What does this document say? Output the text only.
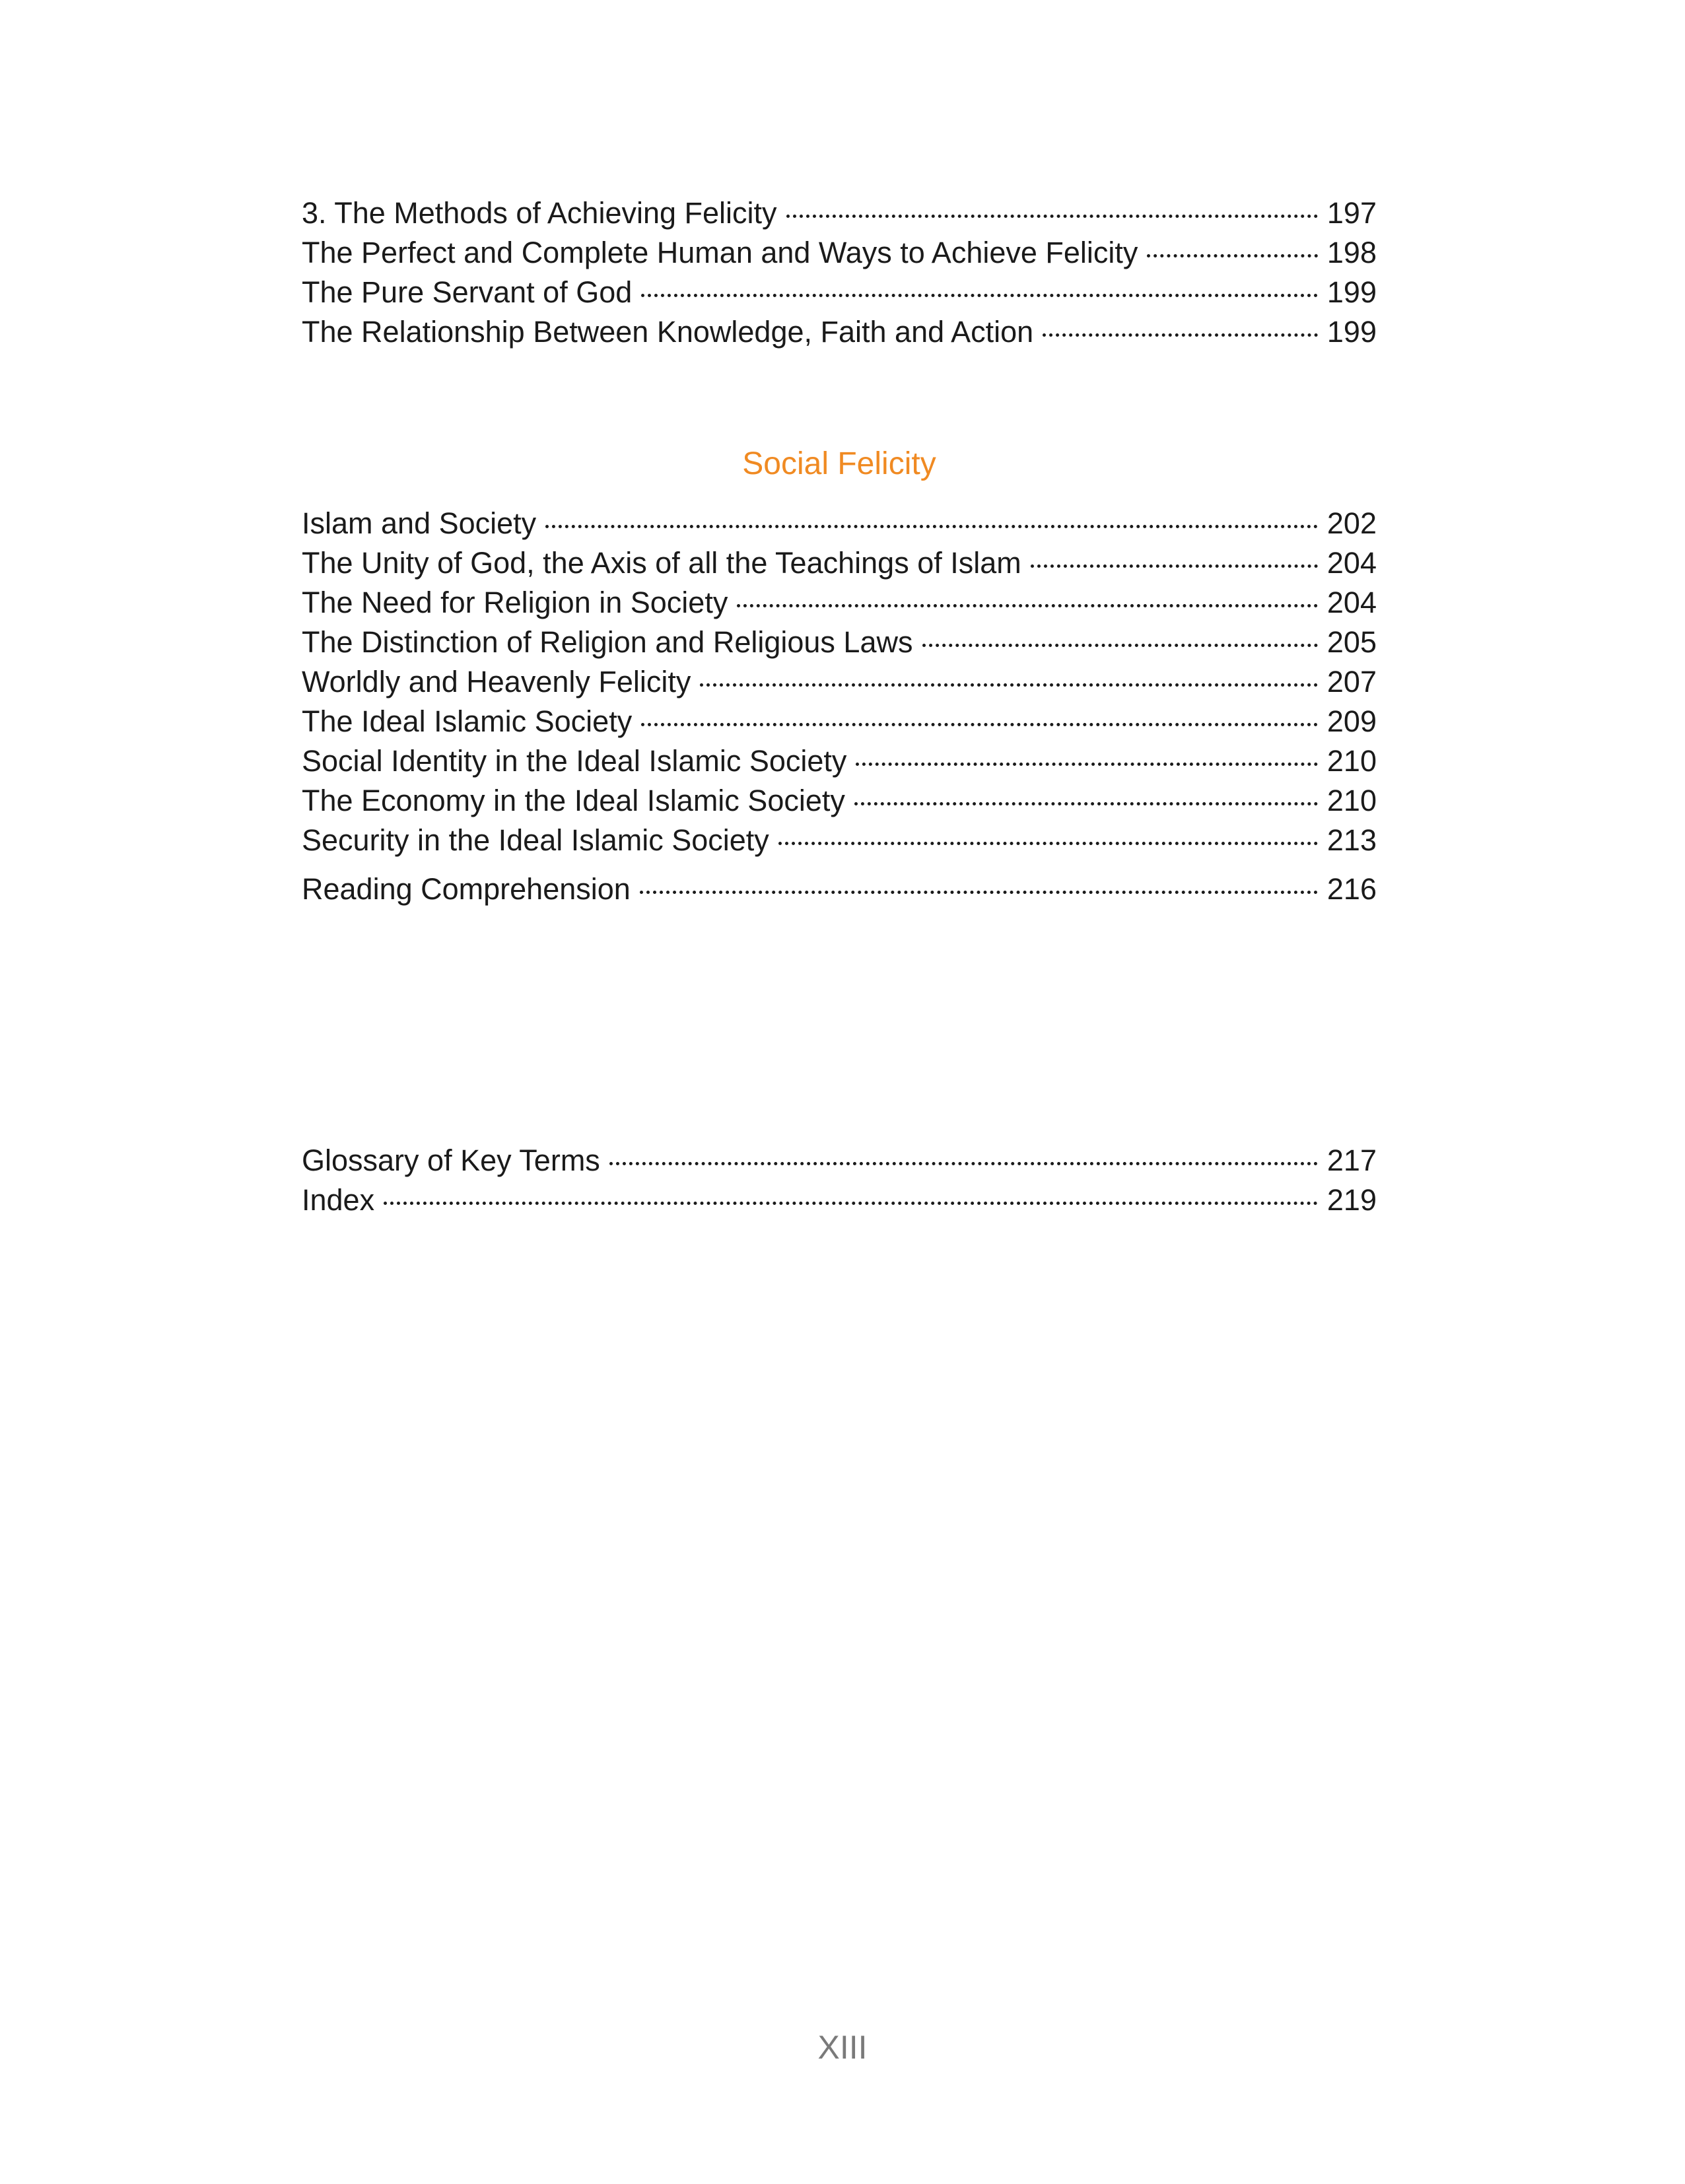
3. The Methods of Achieving Felicity	197
The Perfect and Complete Human and Ways to Achieve Felicity	198
The Pure Servant of God	199
The Relationship Between Knowledge, Faith and Action	199
Social Felicity
Islam and Society	202
The Unity of God, the Axis of all the Teachings of Islam	204
The Need for Religion in Society	204
The Distinction of Religion and Religious Laws	205
Worldly and Heavenly Felicity	207
The Ideal Islamic Society	209
Social Identity in the Ideal Islamic Society	210
The Economy in the Ideal Islamic Society	210
Security in the Ideal Islamic Society	213
Reading Comprehension	216
Glossary of Key Terms	217
Index	219
XIII
